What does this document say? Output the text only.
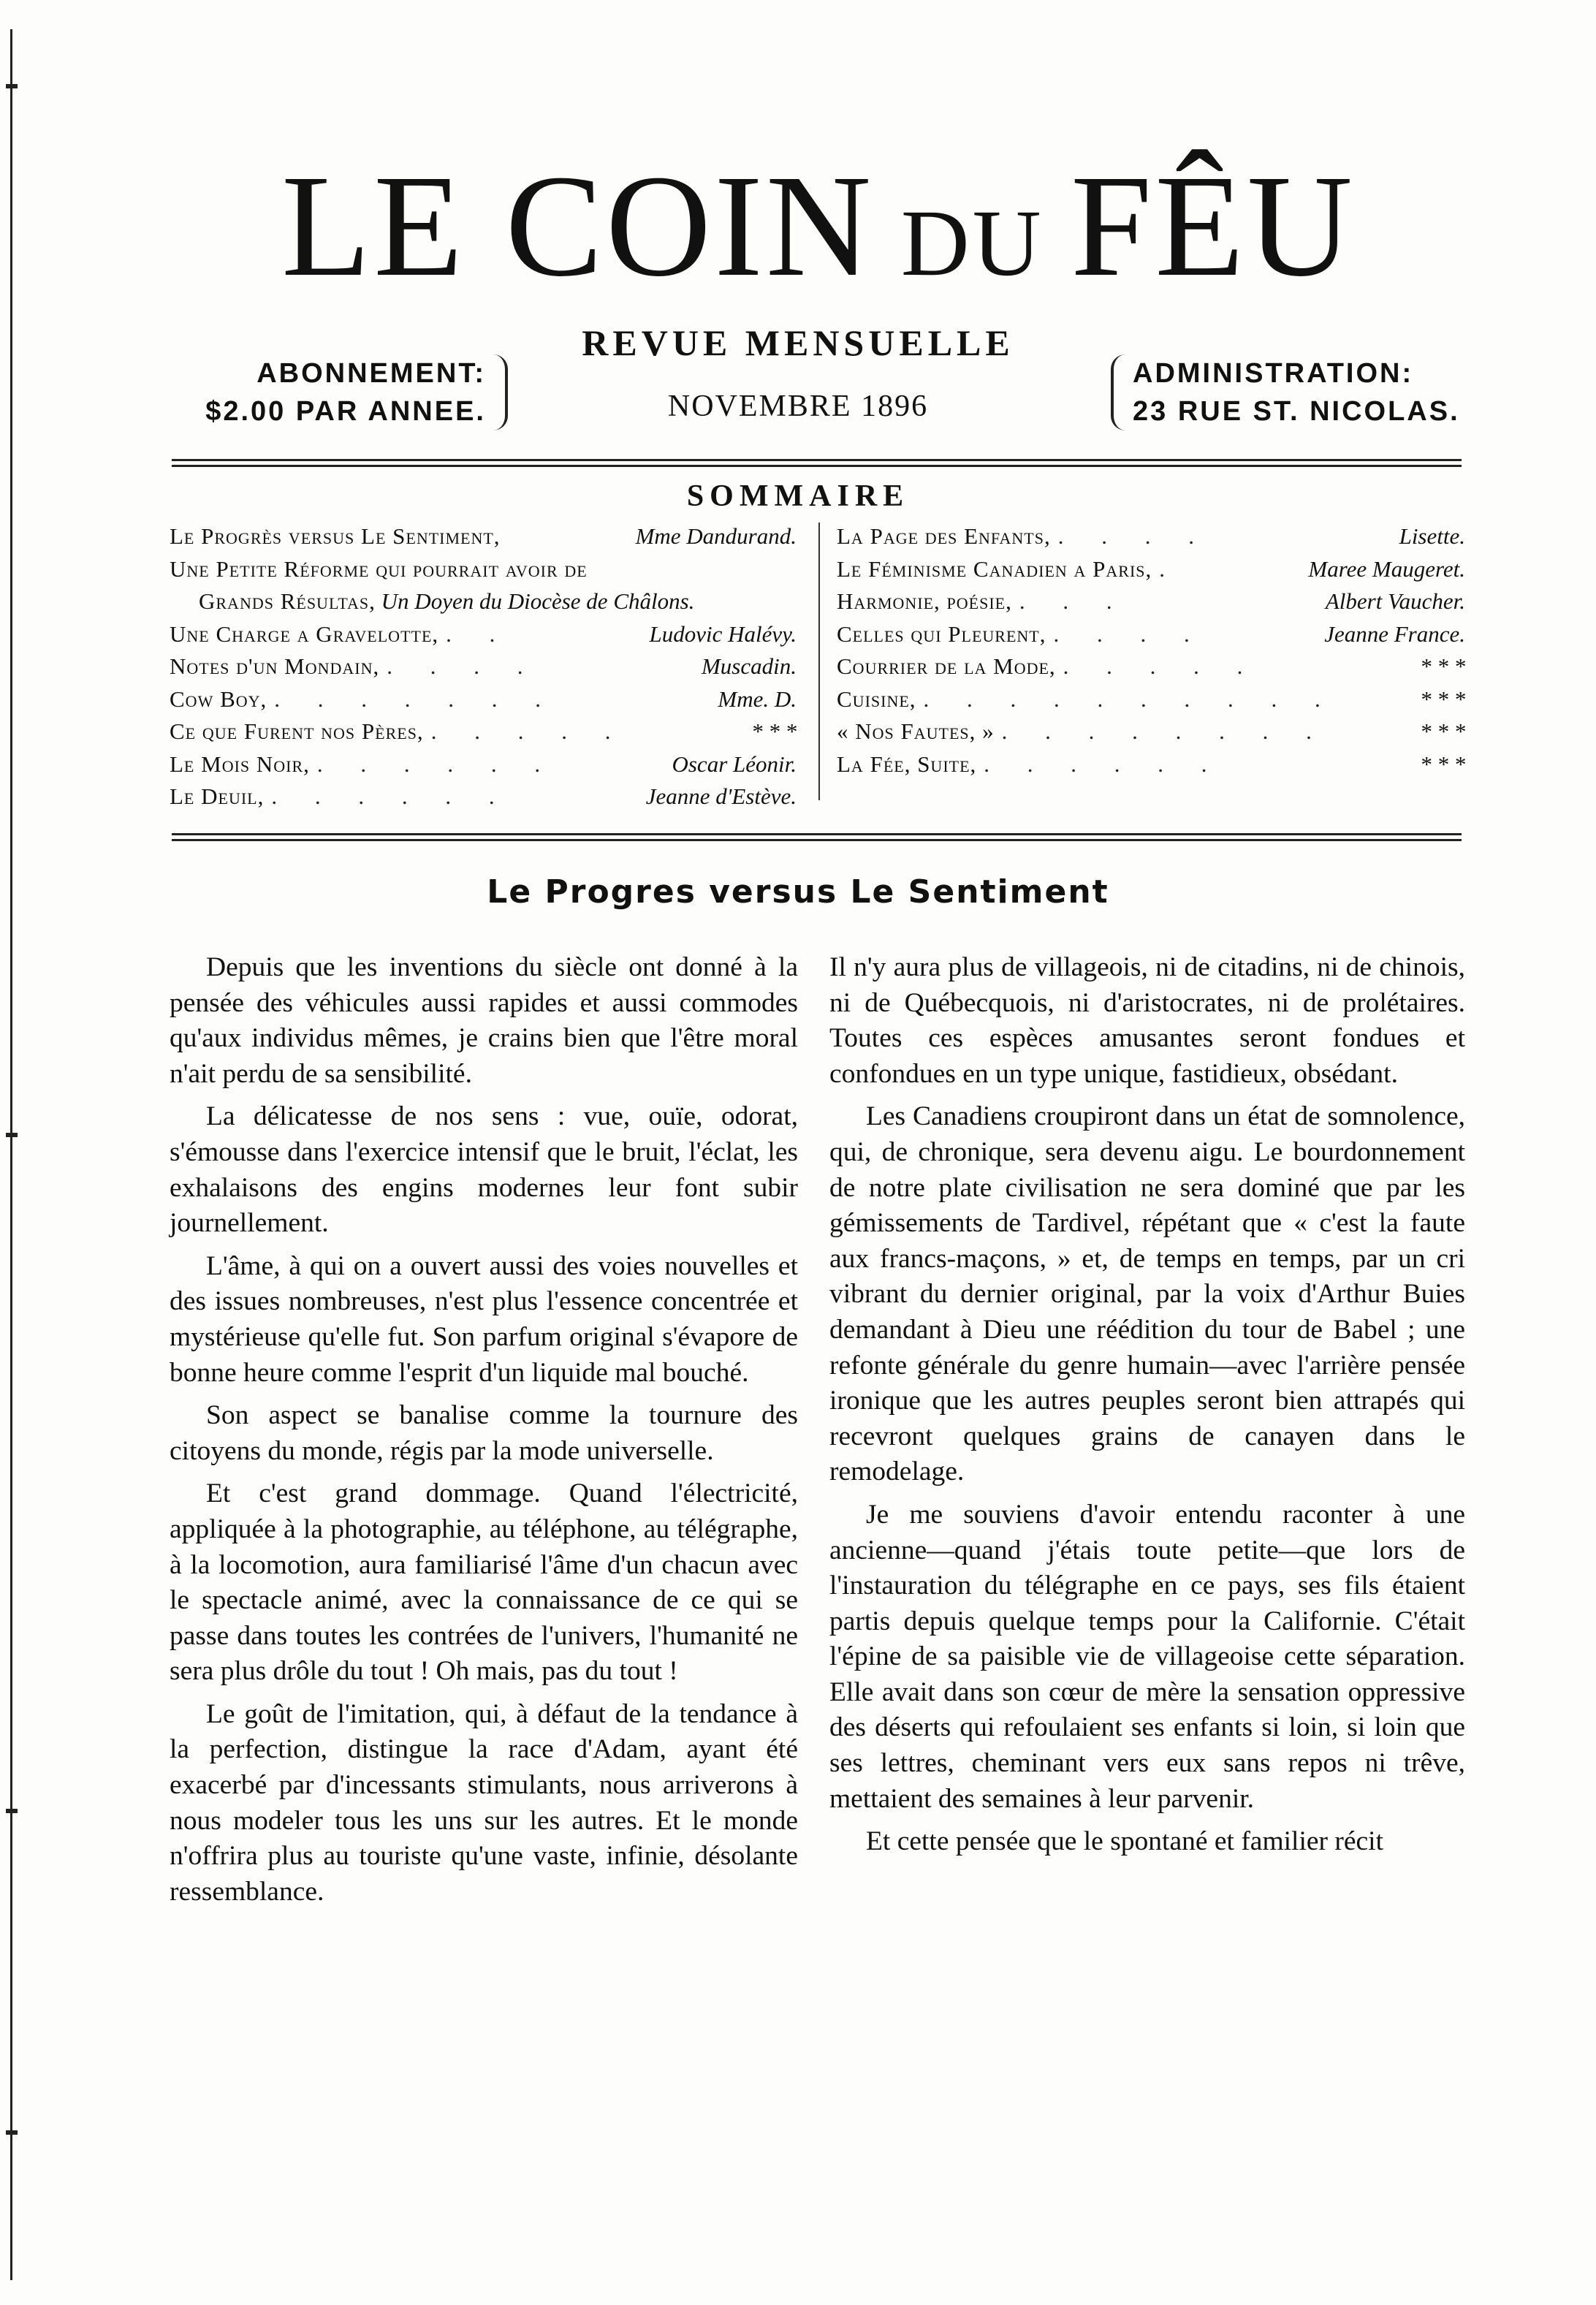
LE COIN DU FÊU
REVUE MENSUELLE
NOVEMBRE 1896
ABONNEMENT:
$2.00 PAR ANNEE.
ADMINISTRATION:
23 RUE ST. NICOLAS.
SOMMAIRE
Le Progrès versus Le Sentiment,	Mme Dandurand.
Une Petite Réforme qui pourrait avoir de
Grands Résultas,
Un Doyen du Diocèse de Châlons.
Une Charge a Gravelotte, . .	Ludovic Halévy.
Notes d'un Mondain, . . . .	Muscadin.
Cow Boy, . . . . . . .	Mme. D.
Ce que Furent nos Pères, . . . . .	* * *
Le Mois Noir, . . . . . .	Oscar Léonir.
Le Deuil, . . . . . .	Jeanne d'Estève.
La Page des Enfants, . . . .	Lisette.
Le Féminisme Canadien a Paris, .	Maree Maugeret.
Harmonie, poésie, . . .	Albert Vaucher.
Celles qui Pleurent, . . . .	Jeanne France.
Courrier de la Mode, . . . . .	* * *
Cuisine, . . . . . . . . . .	* * *
« Nos Fautes, » . . . . . . . .	* * *
La Fée, Suite, . . . . . .	* * *
Le Progres versus Le Sentiment

Depuis que les inventions du siècle ont donné à la pensée des véhicules aussi rapides et aussi commodes qu'aux individus mêmes, je crains bien que l'être moral n'ait perdu de sa sensibilité.

La délicatesse de nos sens : vue, ouïe, odorat, s'émousse dans l'exercice intensif que le bruit, l'éclat, les exhalaisons des engins modernes leur font subir journellement.

L'âme, à qui on a ouvert aussi des voies nouvelles et des issues nombreuses, n'est plus l'essence concentrée et mystérieuse qu'elle fut. Son parfum original s'évapore de bonne heure comme l'esprit d'un liquide mal bouché.

Son aspect se banalise comme la tournure des citoyens du monde, régis par la mode universelle.

Et c'est grand dommage. Quand l'électricité, appliquée à la photographie, au téléphone, au télégraphe, à la locomotion, aura familiarisé l'âme d'un chacun avec le spectacle animé, avec la connaissance de ce qui se passe dans toutes les contrées de l'univers, l'humanité ne sera plus drôle du tout ! Oh mais, pas du tout !

Le goût de l'imitation, qui, à défaut de la tendance à la perfection, distingue la race d'Adam, ayant été exacerbé par d'incessants stimulants, nous arriverons à nous modeler tous les uns sur les autres. Et le monde n'offrira plus au touriste qu'une vaste, infinie, désolante ressemblance.

Il n'y aura plus de villageois, ni de citadins, ni de chinois, ni de Québecquois, ni d'aristocrates, ni de prolétaires. Toutes ces espèces amusantes seront fondues et confondues en un type unique, fastidieux, obsédant.

Les Canadiens croupiront dans un état de somnolence, qui, de chronique, sera devenu aigu. Le bourdonnement de notre plate civilisation ne sera dominé que par les gémissements de Tardivel, répétant que « c'est la faute aux francs-maçons, » et, de temps en temps, par un cri vibrant du dernier original, par la voix d'Arthur Buies demandant à Dieu une réédition du tour de Babel ; une refonte générale du genre humain—avec l'arrière pensée ironique que les autres peuples seront bien attrapés qui recevront quelques grains de canayen dans le remodelage.

Je me souviens d'avoir entendu raconter à une ancienne—quand j'étais toute petite—que lors de l'instauration du télégraphe en ce pays, ses fils étaient partis depuis quelque temps pour la Californie. C'était l'épine de sa paisible vie de villageoise cette séparation. Elle avait dans son cœur de mère la sensation oppressive des déserts qui refoulaient ses enfants si loin, si loin que ses lettres, cheminant vers eux sans repos ni trêve, mettaient des semaines à leur parvenir.

Et cette pensée que le spontané et familier récit
